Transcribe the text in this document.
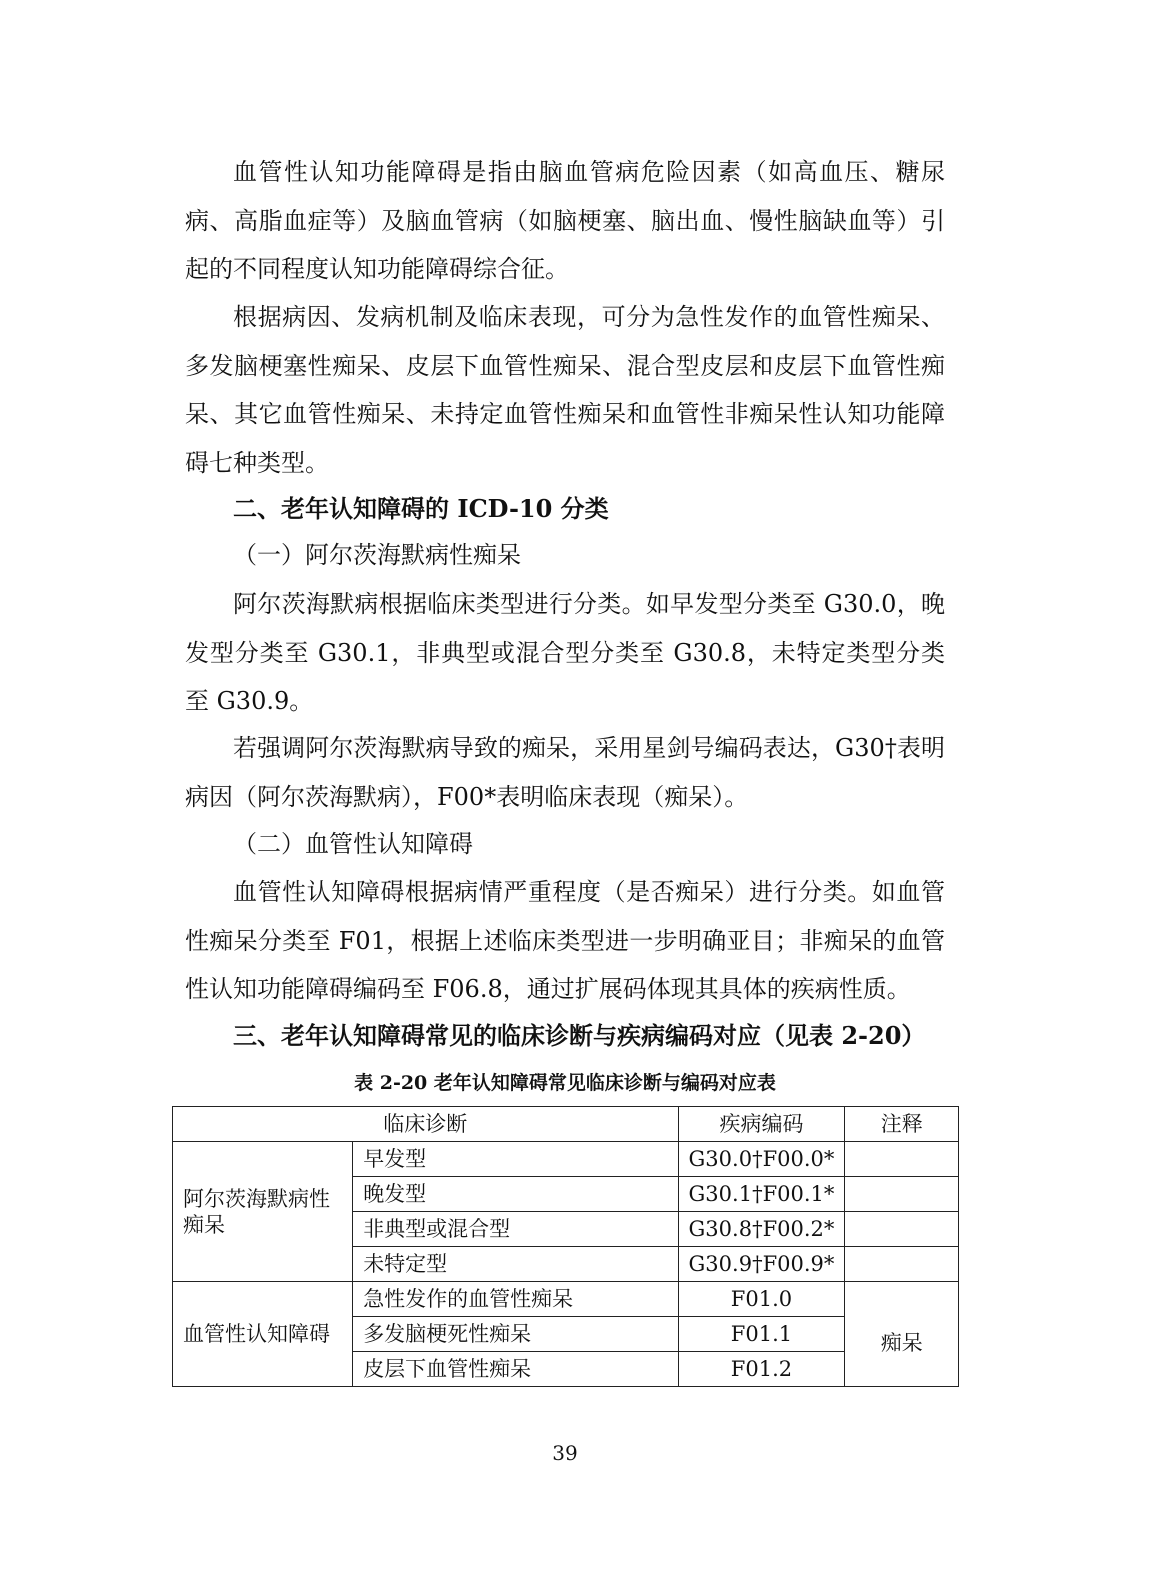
血管性认知功能障碍是指由脑血管病危险因素（如高血压、糖尿病、高脂血症等）及脑血管病（如脑梗塞、脑出血、慢性脑缺血等）引起的不同程度认知功能障碍综合征。

根据病因、发病机制及临床表现，可分为急性发作的血管性痴呆、多发脑梗塞性痴呆、皮层下血管性痴呆、混合型皮层和皮层下血管性痴呆、其它血管性痴呆、未持定血管性痴呆和血管性非痴呆性认知功能障碍七种类型。

二、老年认知障碍的 ICD-10 分类

（一）阿尔茨海默病性痴呆

阿尔茨海默病根据临床类型进行分类。如早发型分类至 G30.0，晚发型分类至 G30.1，非典型或混合型分类至 G30.8，未特定类型分类至 G30.9。

若强调阿尔茨海默病导致的痴呆，采用星剑号编码表达，G30†表明病因（阿尔茨海默病），F00*表明临床表现（痴呆）。

（二）血管性认知障碍

血管性认知障碍根据病情严重程度（是否痴呆）进行分类。如血管性痴呆分类至 F01，根据上述临床类型进一步明确亚目；非痴呆的血管性认知功能障碍编码至 F06.8，通过扩展码体现其具体的疾病性质。

三、老年认知障碍常见的临床诊断与疾病编码对应（见表 2-20）

表 2-20 老年认知障碍常见临床诊断与编码对应表
临床诊断		疾病编码	注释
阿尔茨海默病性痴呆	早发型	G30.0†F00.0*	
	晚发型	G30.1†F00.1*	
	非典型或混合型	G30.8†F00.2*	
	未特定型	G30.9†F00.9*	
血管性认知障碍	急性发作的血管性痴呆	F01.0	痴呆
	多发脑梗死性痴呆	F01.1	
	皮层下血管性痴呆	F01.2	
39
